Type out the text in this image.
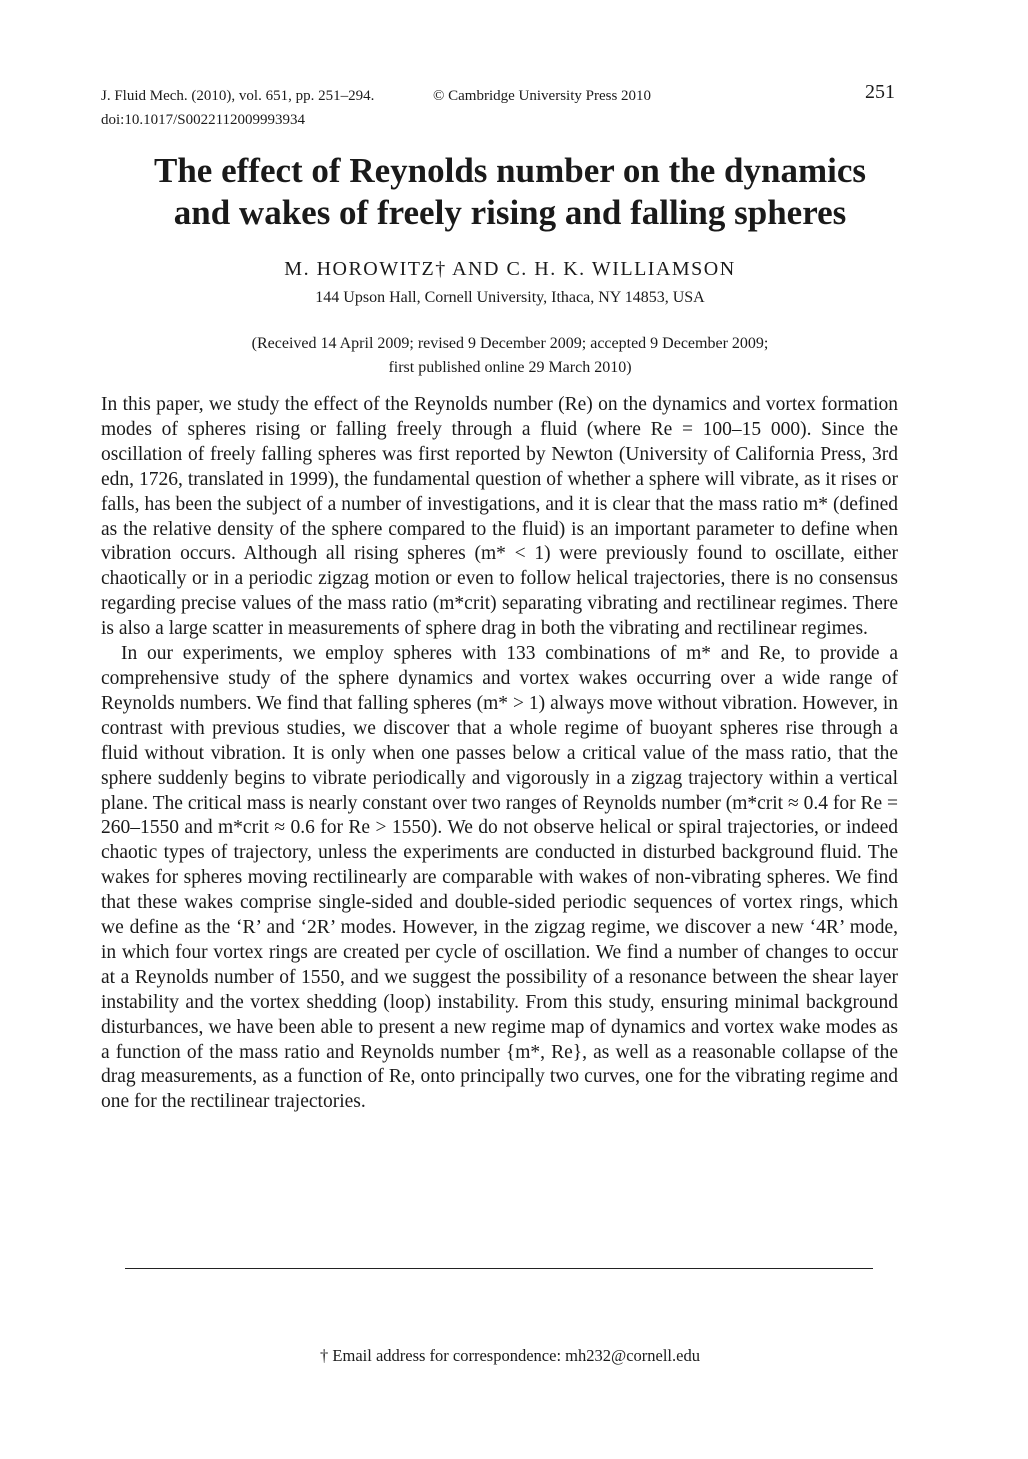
J. Fluid Mech. (2010), vol. 651, pp. 251–294.	© Cambridge University Press 2010	251
doi:10.1017/S0022112009993934
The effect of Reynolds number on the dynamics
and wakes of freely rising and falling spheres
M. HOROWITZ† AND C. H. K. WILLIAMSON
144 Upson Hall, Cornell University, Ithaca, NY 14853, USA
(Received 14 April 2009; revised 9 December 2009; accepted 9 December 2009;
first published online 29 March 2010)

In this paper, we study the effect of the Reynolds number (Re) on the dynamics and vortex formation modes of spheres rising or falling freely through a fluid (where Re = 100–15 000). Since the oscillation of freely falling spheres was first reported by Newton (University of California Press, 3rd edn, 1726, translated in 1999), the fundamental question of whether a sphere will vibrate, as it rises or falls, has been the subject of a number of investigations, and it is clear that the mass ratio m* (defined as the relative density of the sphere compared to the fluid) is an important parameter to define when vibration occurs. Although all rising spheres (m* < 1) were previously found to oscillate, either chaotically or in a periodic zigzag motion or even to follow helical trajectories, there is no consensus regarding precise values of the mass ratio (m*crit) separating vibrating and rectilinear regimes. There is also a large scatter in measurements of sphere drag in both the vibrating and rectilinear regimes.

In our experiments, we employ spheres with 133 combinations of m* and Re, to provide a comprehensive study of the sphere dynamics and vortex wakes occurring over a wide range of Reynolds numbers. We find that falling spheres (m* > 1) always move without vibration. However, in contrast with previous studies, we discover that a whole regime of buoyant spheres rise through a fluid without vibration. It is only when one passes below a critical value of the mass ratio, that the sphere suddenly begins to vibrate periodically and vigorously in a zigzag trajectory within a vertical plane. The critical mass is nearly constant over two ranges of Reynolds number (m*crit ≈ 0.4 for Re = 260–1550 and m*crit ≈ 0.6 for Re > 1550). We do not observe helical or spiral trajectories, or indeed chaotic types of trajectory, unless the experiments are conducted in disturbed background fluid. The wakes for spheres moving rectilinearly are comparable with wakes of non-vibrating spheres. We find that these wakes comprise single-sided and double-sided periodic sequences of vortex rings, which we define as the ‘R’ and ‘2R’ modes. However, in the zigzag regime, we discover a new ‘4R’ mode, in which four vortex rings are created per cycle of oscillation. We find a number of changes to occur at a Reynolds number of 1550, and we suggest the possibility of a resonance between the shear layer instability and the vortex shedding (loop) instability. From this study, ensuring minimal background disturbances, we have been able to present a new regime map of dynamics and vortex wake modes as a function of the mass ratio and Reynolds number {m*, Re}, as well as a reasonable collapse of the drag measurements, as a function of Re, onto principally two curves, one for the vibrating regime and one for the rectilinear trajectories.

† Email address for correspondence: mh232@cornell.edu
